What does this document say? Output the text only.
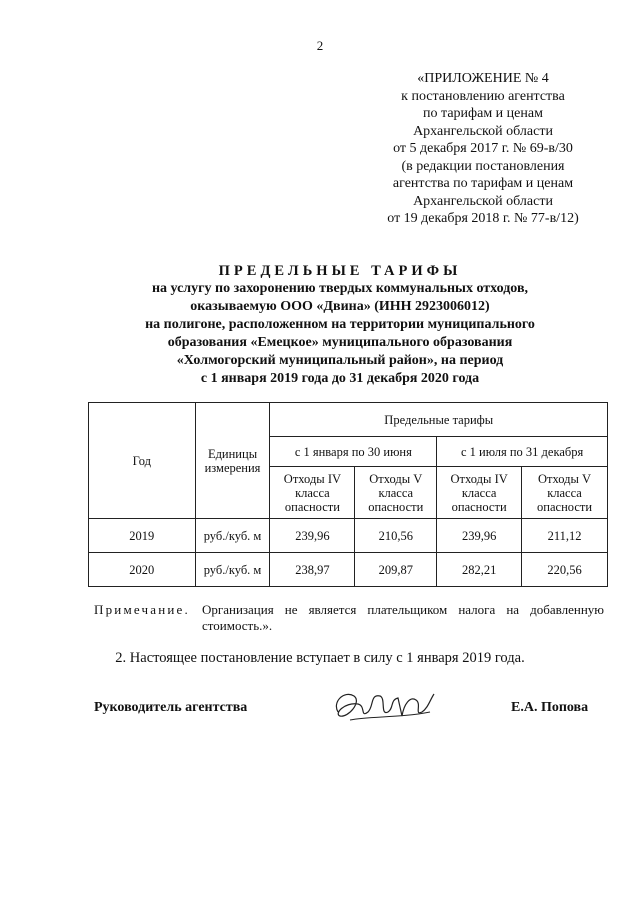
2
«ПРИЛОЖЕНИЕ № 4
к постановлению агентства
по тарифам и ценам
Архангельской области
от 5 декабря 2017 г. № 69-в/30
(в редакции постановления
агентства по тарифам и ценам
Архангельской области
от 19 декабря 2018 г. № 77-в/12)
ПРЕДЕЛЬНЫЕ ТАРИФЫ
на услугу по захоронению твердых коммунальных отходов,
оказываемую ООО «Двина» (ИНН 2923006012)
на полигоне, расположенном на территории муниципального
образования «Емецкое» муниципального образования
«Холмогорский муниципальный район», на период
с 1 января 2019 года до 31 декабря 2020 года
Год	Единицы измерения	Предельные тарифы			
		с 1 января по 30 июня		с 1 июля по 31 декабря	
		Отходы IV класса опасности	Отходы V класса опасности	Отходы IV класса опасности	Отходы V класса опасности
2019	руб./куб. м	239,96	210,56	239,96	211,12
2020	руб./куб. м	238,97	209,87	282,21	220,56
Примечание. Организация не является плательщиком налога на добавленную стоимость.».
2. Настоящее постановление вступает в силу с 1 января 2019 года.
Руководитель агентства	Е.А. Попова
